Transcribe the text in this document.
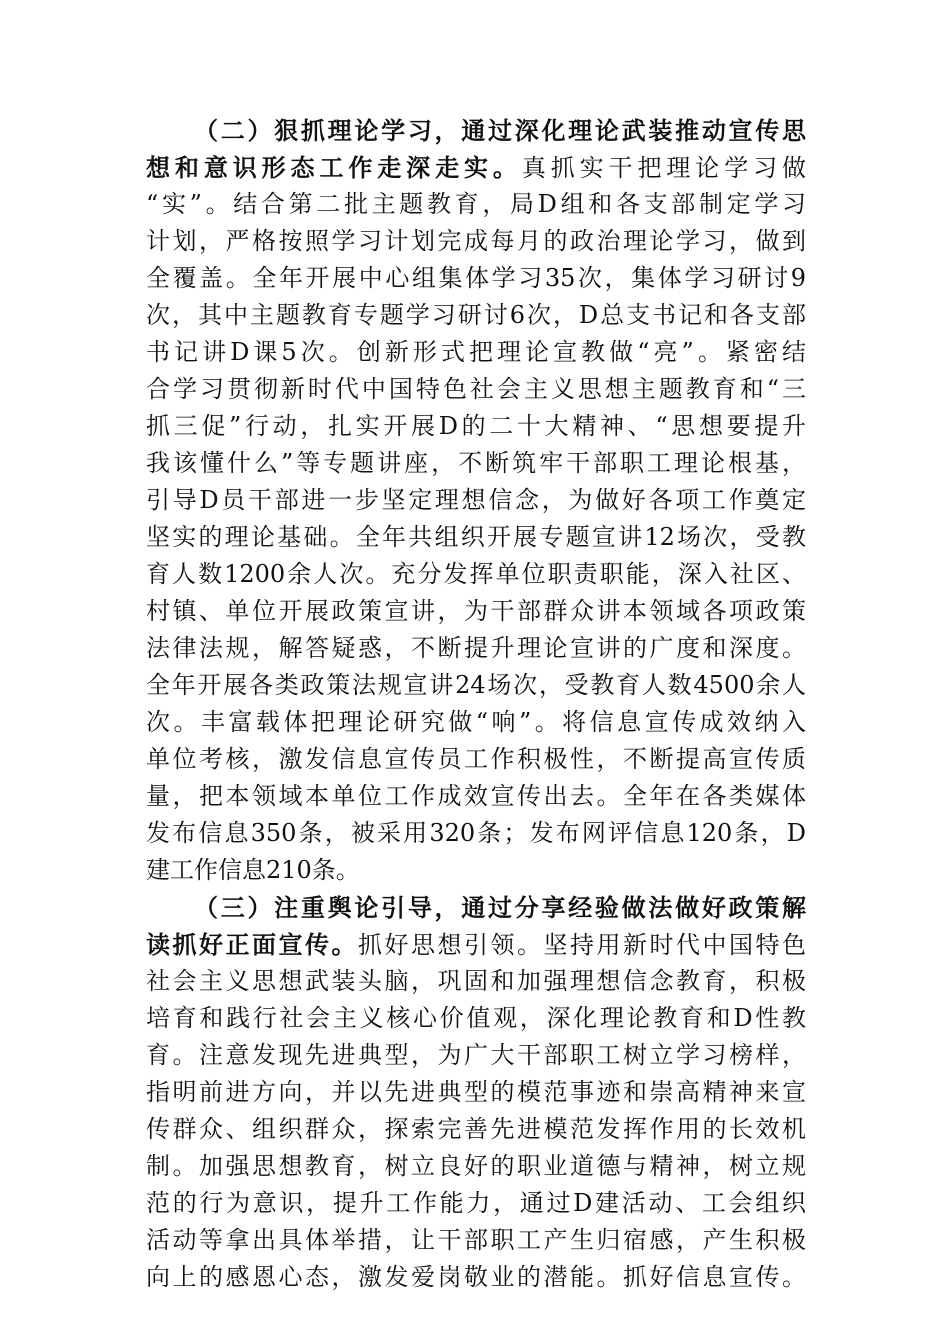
（二）狠抓理论学习，通过深化理论武装推动宣传思
想和意识形态工作走深走实。真抓实干把理论学习做
“实”。结合第二批主题教育，局D组和各支部制定学习
计划，严格按照学习计划完成每月的政治理论学习，做到
全覆盖。全年开展中心组集体学习35次，集体学习研讨9
次，其中主题教育专题学习研讨6次，D总支书记和各支部
书记讲D课5次。创新形式把理论宣教做“亮”。紧密结
合学习贯彻新时代中国特色社会主义思想主题教育和“三
抓三促”行动，扎实开展D的二十大精神、“思想要提升
我该懂什么”等专题讲座，不断筑牢干部职工理论根基，
引导D员干部进一步坚定理想信念，为做好各项工作奠定
坚实的理论基础。全年共组织开展专题宣讲12场次，受教
育人数1200余人次。充分发挥单位职责职能，深入社区、
村镇、单位开展政策宣讲，为干部群众讲本领域各项政策
法律法规，解答疑惑，不断提升理论宣讲的广度和深度。
全年开展各类政策法规宣讲24场次，受教育人数4500余人
次。丰富载体把理论研究做“响”。将信息宣传成效纳入
单位考核，激发信息宣传员工作积极性，不断提高宣传质
量，把本领域本单位工作成效宣传出去。全年在各类媒体
发布信息350条，被采用320条；发布网评信息120条，D
建工作信息210条。
（三）注重舆论引导，通过分享经验做法做好政策解
读抓好正面宣传。抓好思想引领。坚持用新时代中国特色
社会主义思想武装头脑，巩固和加强理想信念教育，积极
培育和践行社会主义核心价值观，深化理论教育和D性教
育。注意发现先进典型，为广大干部职工树立学习榜样，
指明前进方向，并以先进典型的模范事迹和崇高精神来宣
传群众、组织群众，探索完善先进模范发挥作用的长效机
制。加强思想教育，树立良好的职业道德与精神，树立规
范的行为意识，提升工作能力，通过D建活动、工会组织
活动等拿出具体举措，让干部职工产生归宿感，产生积极
向上的感恩心态，激发爱岗敬业的潜能。抓好信息宣传。
